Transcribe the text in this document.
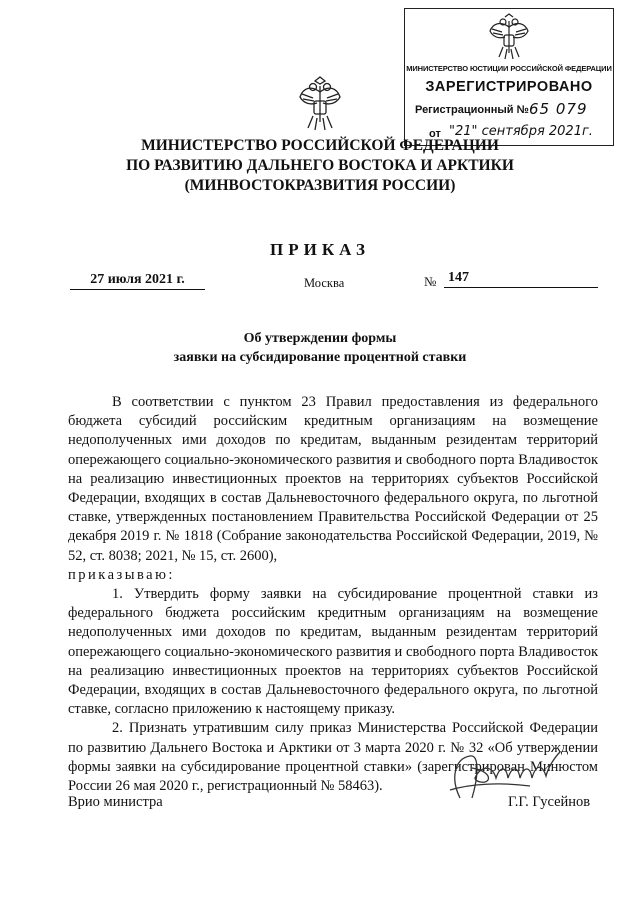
МИНИСТЕРСТВО ЮСТИЦИИ РОССИЙСКОЙ ФЕДЕРАЦИИ
ЗАРЕГИСТРИРОВАНО
Регистрационный № 65 079
от "21" сентября 2021г.
МИНИСТЕРСТВО РОССИЙСКОЙ ФЕДЕРАЦИИ
ПО РАЗВИТИЮ ДАЛЬНЕГО ВОСТОКА И АРКТИКИ
(МИНВОСТОКРАЗВИТИЯ РОССИИ)
ПРИКАЗ
27 июля 2021 г.	Москва	№ 147
Об утверждении формы
заявки на субсидирование процентной ставки

В соответствии с пунктом 23 Правил предоставления из федерального бюджета субсидий российским кредитным организациям на возмещение недополученных ими доходов по кредитам, выданным резидентам территорий опережающего социально-экономического развития и свободного порта Владивосток на реализацию инвестиционных проектов на территориях субъектов Российской Федерации, входящих в состав Дальневосточного федерального округа, по льготной ставке, утвержденных постановлением Правительства Российской Федерации от 25 декабря 2019 г. № 1818 (Собрание законодательства Российской Федерации, 2019, № 52, ст. 8038; 2021, № 15, ст. 2600),

приказываю:

1. Утвердить форму заявки на субсидирование процентной ставки из федерального бюджета российским кредитным организациям на возмещение недополученных ими доходов по кредитам, выданным резидентам территорий опережающего социально-экономического развития и свободного порта Владивосток на реализацию инвестиционных проектов на территориях субъектов Российской Федерации, входящих в состав Дальневосточного федерального округа, по льготной ставке, согласно приложению к настоящему приказу.

2. Признать утратившим силу приказ Министерства Российской Федерации по развитию Дальнего Востока и Арктики от 3 марта 2020 г. № 32 «Об утверждении формы заявки на субсидирование процентной ставки» (зарегистрирован Минюстом России 26 мая 2020 г., регистрационный № 58463).

Врио министра	Г.Г. Гусейнов
